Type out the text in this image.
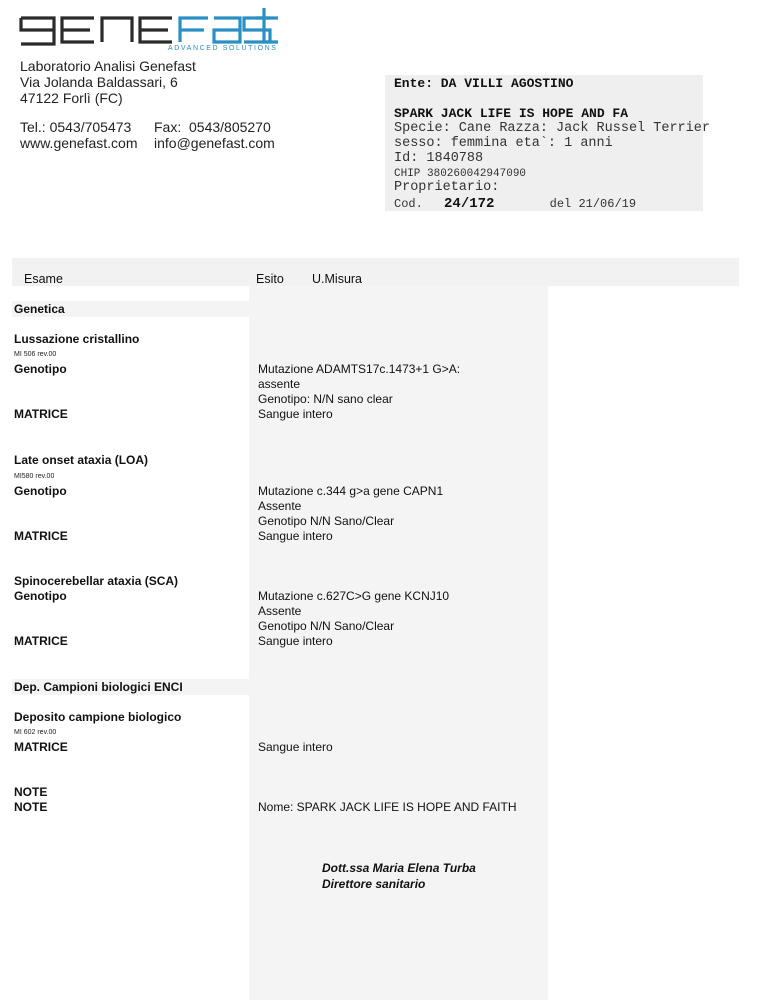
ADVANCED SOLUTIONS
Laboratorio Analisi Genefast
Via Jolanda Baldassari, 6
47122 Forlì (FC)
Tel.: 0543/705473	Fax:  0543/805270
www.genefast.com	info@genefast.com
Ente: DA VILLI AGOSTINO
SPARK JACK LIFE IS HOPE AND FA
Specie: Cane Razza: Jack Russel Terrier
sesso: femmina eta`: 1 anni
Id: 1840788
CHIP 380260042947090
Proprietario:
Cod. 24/172	del 21/06/19
Esame	Esito U.Misura
Genetica
Lussazione cristallino
MI 506 rev.00
Genotipo	Mutazione ADAMTS17c.1473+1 G>A:
assente
Genotipo: N/N sano clear
MATRICE	Sangue intero
Late onset ataxia (LOA)
MI580 rev.00
Genotipo	Mutazione c.344 g>a gene CAPN1
Assente
Genotipo N/N Sano/Clear
MATRICE	Sangue intero
Spinocerebellar ataxia (SCA)
Genotipo	Mutazione c.627C>G gene KCNJ10
Assente
Genotipo N/N Sano/Clear
MATRICE	Sangue intero
Dep. Campioni biologici ENCI
Deposito campione biologico
MI 602 rev.00
MATRICE	Sangue intero
NOTE
NOTE	Nome: SPARK JACK LIFE IS HOPE AND FAITH
Dott.ssa Maria Elena Turba
Direttore sanitario
